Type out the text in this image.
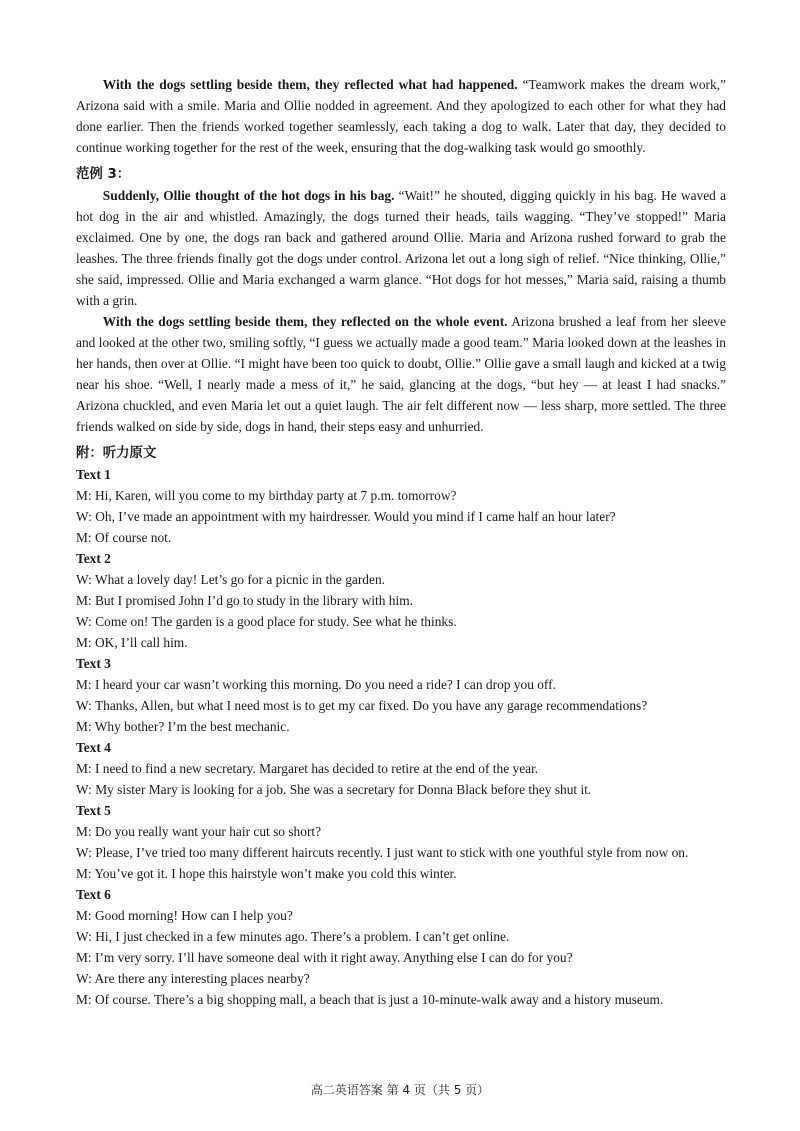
With the dogs settling beside them, they reflected what had happened. “Teamwork makes the dream work,” Arizona said with a smile. Maria and Ollie nodded in agreement. And they apologized to each other for what they had done earlier. Then the friends worked together seamlessly, each taking a dog to walk. Later that day, they decided to continue working together for the rest of the week, ensuring that the dog-walking task would go smoothly.

范例 3：

Suddenly, Ollie thought of the hot dogs in his bag. “Wait!” he shouted, digging quickly in his bag. He waved a hot dog in the air and whistled. Amazingly, the dogs turned their heads, tails wagging. “They’ve stopped!” Maria exclaimed. One by one, the dogs ran back and gathered around Ollie. Maria and Arizona rushed forward to grab the leashes. The three friends finally got the dogs under control. Arizona let out a long sigh of relief. “Nice thinking, Ollie,” she said, impressed. Ollie and Maria exchanged a warm glance. “Hot dogs for hot messes,” Maria said, raising a thumb with a grin.

With the dogs settling beside them, they reflected on the whole event. Arizona brushed a leaf from her sleeve and looked at the other two, smiling softly, “I guess we actually made a good team.” Maria looked down at the leashes in her hands, then over at Ollie. “I might have been too quick to doubt, Ollie.” Ollie gave a small laugh and kicked at a twig near his shoe. “Well, I nearly made a mess of it,” he said, glancing at the dogs, “but hey — at least I had snacks.” Arizona chuckled, and even Maria let out a quiet laugh. The air felt different now — less sharp, more settled. The three friends walked on side by side, dogs in hand, their steps easy and unhurried.

附：听力原文

Text 1

M: Hi, Karen, will you come to my birthday party at 7 p.m. tomorrow?

W: Oh, I’ve made an appointment with my hairdresser. Would you mind if I came half an hour later?

M: Of course not.

Text 2

W: What a lovely day! Let’s go for a picnic in the garden.

M: But I promised John I’d go to study in the library with him.

W: Come on! The garden is a good place for study. See what he thinks.

M: OK, I’ll call him.

Text 3

M: I heard your car wasn’t working this morning. Do you need a ride? I can drop you off.

W: Thanks, Allen, but what I need most is to get my car fixed. Do you have any garage recommendations?

M: Why bother? I’m the best mechanic.

Text 4

M: I need to find a new secretary. Margaret has decided to retire at the end of the year.

W: My sister Mary is looking for a job. She was a secretary for Donna Black before they shut it.

Text 5

M: Do you really want your hair cut so short?

W: Please, I’ve tried too many different haircuts recently. I just want to stick with one youthful style from now on.

M: You’ve got it. I hope this hairstyle won’t make you cold this winter.

Text 6

M: Good morning! How can I help you?

W: Hi, I just checked in a few minutes ago. There’s a problem. I can’t get online.

M: I’m very sorry. I’ll have someone deal with it right away. Anything else I can do for you?

W: Are there any interesting places nearby?

M: Of course. There’s a big shopping mall, a beach that is just a 10-minute-walk away and a history museum.

高二英语答案 第 4 页（共 5 页）
